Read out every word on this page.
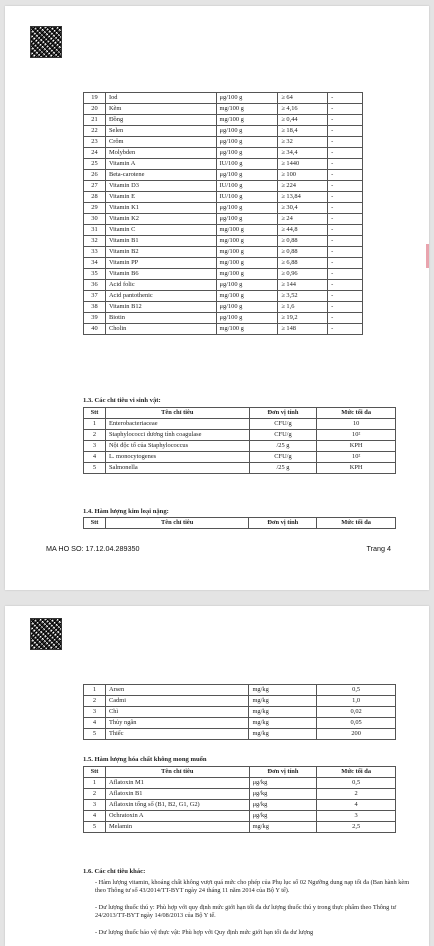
19	Iod	μg/100 g	≥ 64	-
20	Kẽm	mg/100 g	≥ 4,16	-
21	Đồng	mg/100 g	≥ 0,44	-
22	Selen	μg/100 g	≥ 18,4	-
23	Crôm	μg/100 g	≥ 32	-
24	Molybden	μg/100 g	≥ 34,4	-
25	Vitamin A	IU/100 g	≥ 1440	-
26	Beta-carotene	μg/100 g	≥ 100	-
27	Vitamin D3	IU/100 g	≥ 224	-
28	Vitamin E	IU/100 g	≥ 13,84	-
29	Vitamin K1	μg/100 g	≥ 30,4	-
30	Vitamin K2	μg/100 g	≥ 24	-
31	Vitamin C	mg/100 g	≥ 44,8	-
32	Vitamin B1	mg/100 g	≥ 0,88	-
33	Vitamin B2	mg/100 g	≥ 0,88	-
34	Vitamin PP	mg/100 g	≥ 6,88	-
35	Vitamin B6	mg/100 g	≥ 0,96	-
36	Acid folic	μg/100 g	≥ 144	-
37	Acid pantothenic	mg/100 g	≥ 3,52	-
38	Vitamin B12	μg/100 g	≥ 1,6	-
39	Biotin	μg/100 g	≥ 19,2	-
40	Cholin	mg/100 g	≥ 148	-
1.3. Các chỉ tiêu vi sinh vật:
Stt	Tên chỉ tiêu	Đơn vị tính	Mức tối đa
1	Enterobacteriaceae	CFU/g	10
2	Staphylococci dương tính coagulase	CFU/g	10²
3	Nội độc tố của Staphylococcus	/25 g	KPH
4	L. monocytogenes	CFU/g	10²
5	Salmonella	/25 g	KPH
1.4. Hàm lượng kim loại nặng:
Stt	Tên chỉ tiêu	Đơn vị tính	Mức tối đa
MA HO SO: 17.12.04.289350	Trang 4
1	Arsen	mg/kg	0,5
2	Cadmi	mg/kg	1,0
3	Chì	mg/kg	0,02
4	Thủy ngân	mg/kg	0,05
5	Thiếc	mg/kg	200
1.5. Hàm lượng hóa chất không mong muốn
Stt	Tên chỉ tiêu	Đơn vị tính	Mức tối đa
1	Aflatoxin M1	μg/kg	0,5
2	Aflatoxin B1	μg/kg	2
3	Aflatoxin tổng số (B1, B2, G1, G2)	μg/kg	4
4	Ochratoxin A	μg/kg	3
5	Melamin	mg/kg	2,5
1.6. Các chỉ tiêu khác:
- Hàm lượng vitamin, khoáng chất không vượt quá mức cho phép của Phụ lục số 02 Ngưỡng dung nạp tối đa (Ban hành kèm theo Thông tư số 43/2014/TT-BYT ngày 24 tháng 11 năm 2014 của Bộ Y tế).
- Dư lượng thuốc thú y: Phù hợp với quy định mức giới hạn tối đa dư lượng thuốc thú y trong thực phẩm theo Thông tư 24/2013/TT-BYT ngày 14/08/2013 của Bộ Y tế.
- Dư lượng thuốc bảo vệ thực vật: Phù hợp với Quy định mức giới hạn tối đa dư lượng
